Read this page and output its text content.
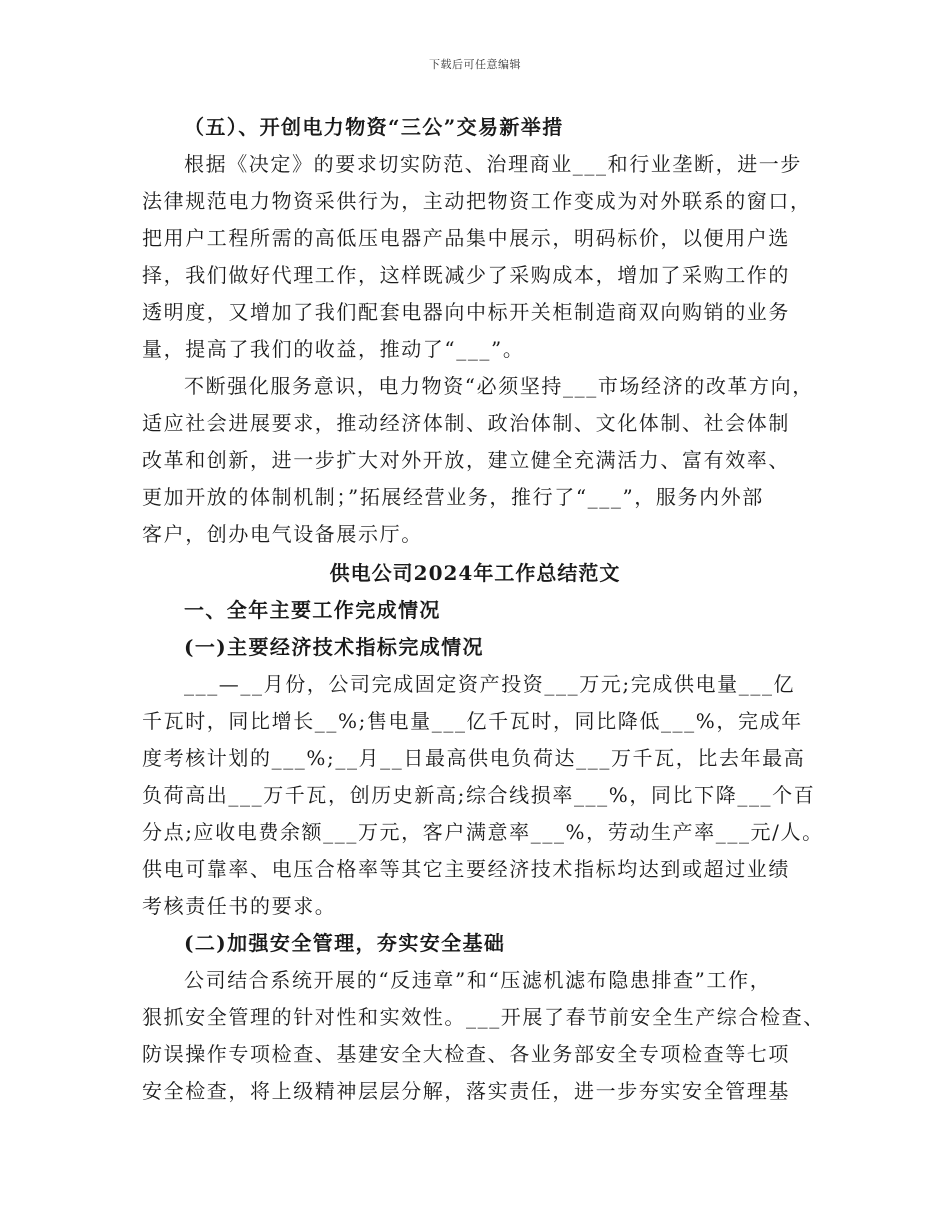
下载后可任意编辑
（五）、开创电力物资“三公”交易新举措
根据《决定》的要求切实防范、治理商业___和行业垄断，进一步
法律规范电力物资采供行为，主动把物资工作变成为对外联系的窗口，
把用户工程所需的高低压电器产品集中展示，明码标价，以便用户选
择，我们做好代理工作，这样既减少了采购成本，增加了采购工作的
透明度，又增加了我们配套电器向中标开关柜制造商双向购销的业务
量，提高了我们的收益，推动了“___”。
不断强化服务意识，电力物资“必须坚持___市场经济的改革方向，
适应社会进展要求，推动经济体制、政治体制、文化体制、社会体制
改革和创新，进一步扩大对外开放，建立健全充满活力、富有效率、
更加开放的体制机制；”拓展经营业务，推行了“___”，服务内外部
客户，创办电气设备展示厅。
供电公司2024年工作总结范文
一、全年主要工作完成情况
(一)主要经济技术指标完成情况
___—__月份，公司完成固定资产投资___万元;完成供电量___亿
千瓦时，同比增长__%;售电量___亿千瓦时，同比降低___%，完成年
度考核计划的___%;__月__日最高供电负荷达___万千瓦，比去年最高
负荷高出___万千瓦，创历史新高;综合线损率___%，同比下降___个百
分点;应收电费余额___万元，客户满意率___%，劳动生产率___元/人。
供电可靠率、电压合格率等其它主要经济技术指标均达到或超过业绩
考核责任书的要求。
(二)加强安全管理，夯实安全基础
公司结合系统开展的“反违章”和“压滤机滤布隐患排查”工作，
狠抓安全管理的针对性和实效性。___开展了春节前安全生产综合检查、
防误操作专项检查、基建安全大检查、各业务部安全专项检查等七项
安全检查，将上级精神层层分解，落实责任，进一步夯实安全管理基
